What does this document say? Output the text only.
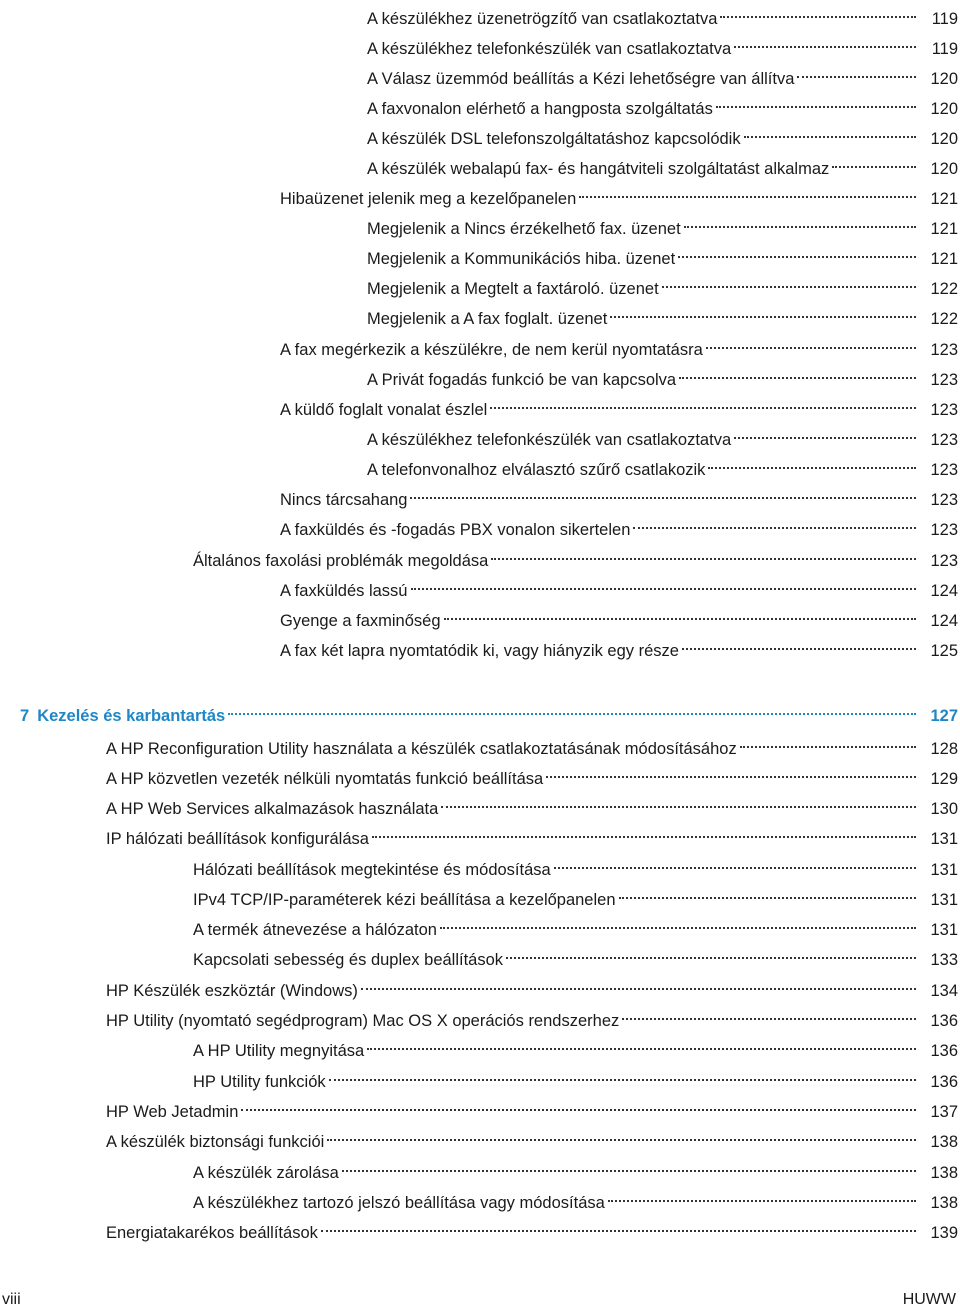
A készülékhez üzenetrögzítő van csatlakoztatva	119
A készülékhez telefonkészülék van csatlakoztatva	119
A Válasz üzemmód beállítás a Kézi lehetőségre van állítva	120
A faxvonalon elérhető a hangposta szolgáltatás	120
A készülék DSL telefonszolgáltatáshoz kapcsolódik	120
A készülék webalapú fax- és hangátviteli szolgáltatást alkalmaz	120
Hibaüzenet jelenik meg a kezelőpanelen	121
Megjelenik a Nincs érzékelhető fax. üzenet	121
Megjelenik a Kommunikációs hiba. üzenet	121
Megjelenik a Megtelt a faxtároló. üzenet	122
Megjelenik a A fax foglalt. üzenet	122
A fax megérkezik a készülékre, de nem kerül nyomtatásra	123
A Privát fogadás funkció be van kapcsolva	123
A küldő foglalt vonalat észlel	123
A készülékhez telefonkészülék van csatlakoztatva	123
A telefonvonalhoz elválasztó szűrő csatlakozik	123
Nincs tárcsahang	123
A faxküldés és -fogadás PBX vonalon sikertelen	123
Általános faxolási problémák megoldása	123
A faxküldés lassú	124
Gyenge a faxminőség	124
A fax két lapra nyomtatódik ki, vagy hiányzik egy része	125
7 Kezelés és karbantartás	127
A HP Reconfiguration Utility használata a készülék csatlakoztatásának módosításához	128
A HP közvetlen vezeték nélküli nyomtatás funkció beállítása	129
A HP Web Services alkalmazások használata	130
IP hálózati beállítások konfigurálása	131
Hálózati beállítások megtekintése és módosítása	131
IPv4 TCP/IP-paraméterek kézi beállítása a kezelőpanelen	131
A termék átnevezése a hálózaton	131
Kapcsolati sebesség és duplex beállítások	133
HP Készülék eszköztár (Windows)	134
HP Utility (nyomtató segédprogram) Mac OS X operációs rendszerhez	136
A HP Utility megnyitása	136
HP Utility funkciók	136
HP Web Jetadmin	137
A készülék biztonsági funkciói	138
A készülék zárolása	138
A készülékhez tartozó jelszó beállítása vagy módosítása	138
Energiatakarékos beállítások	139
viii	HUWW
